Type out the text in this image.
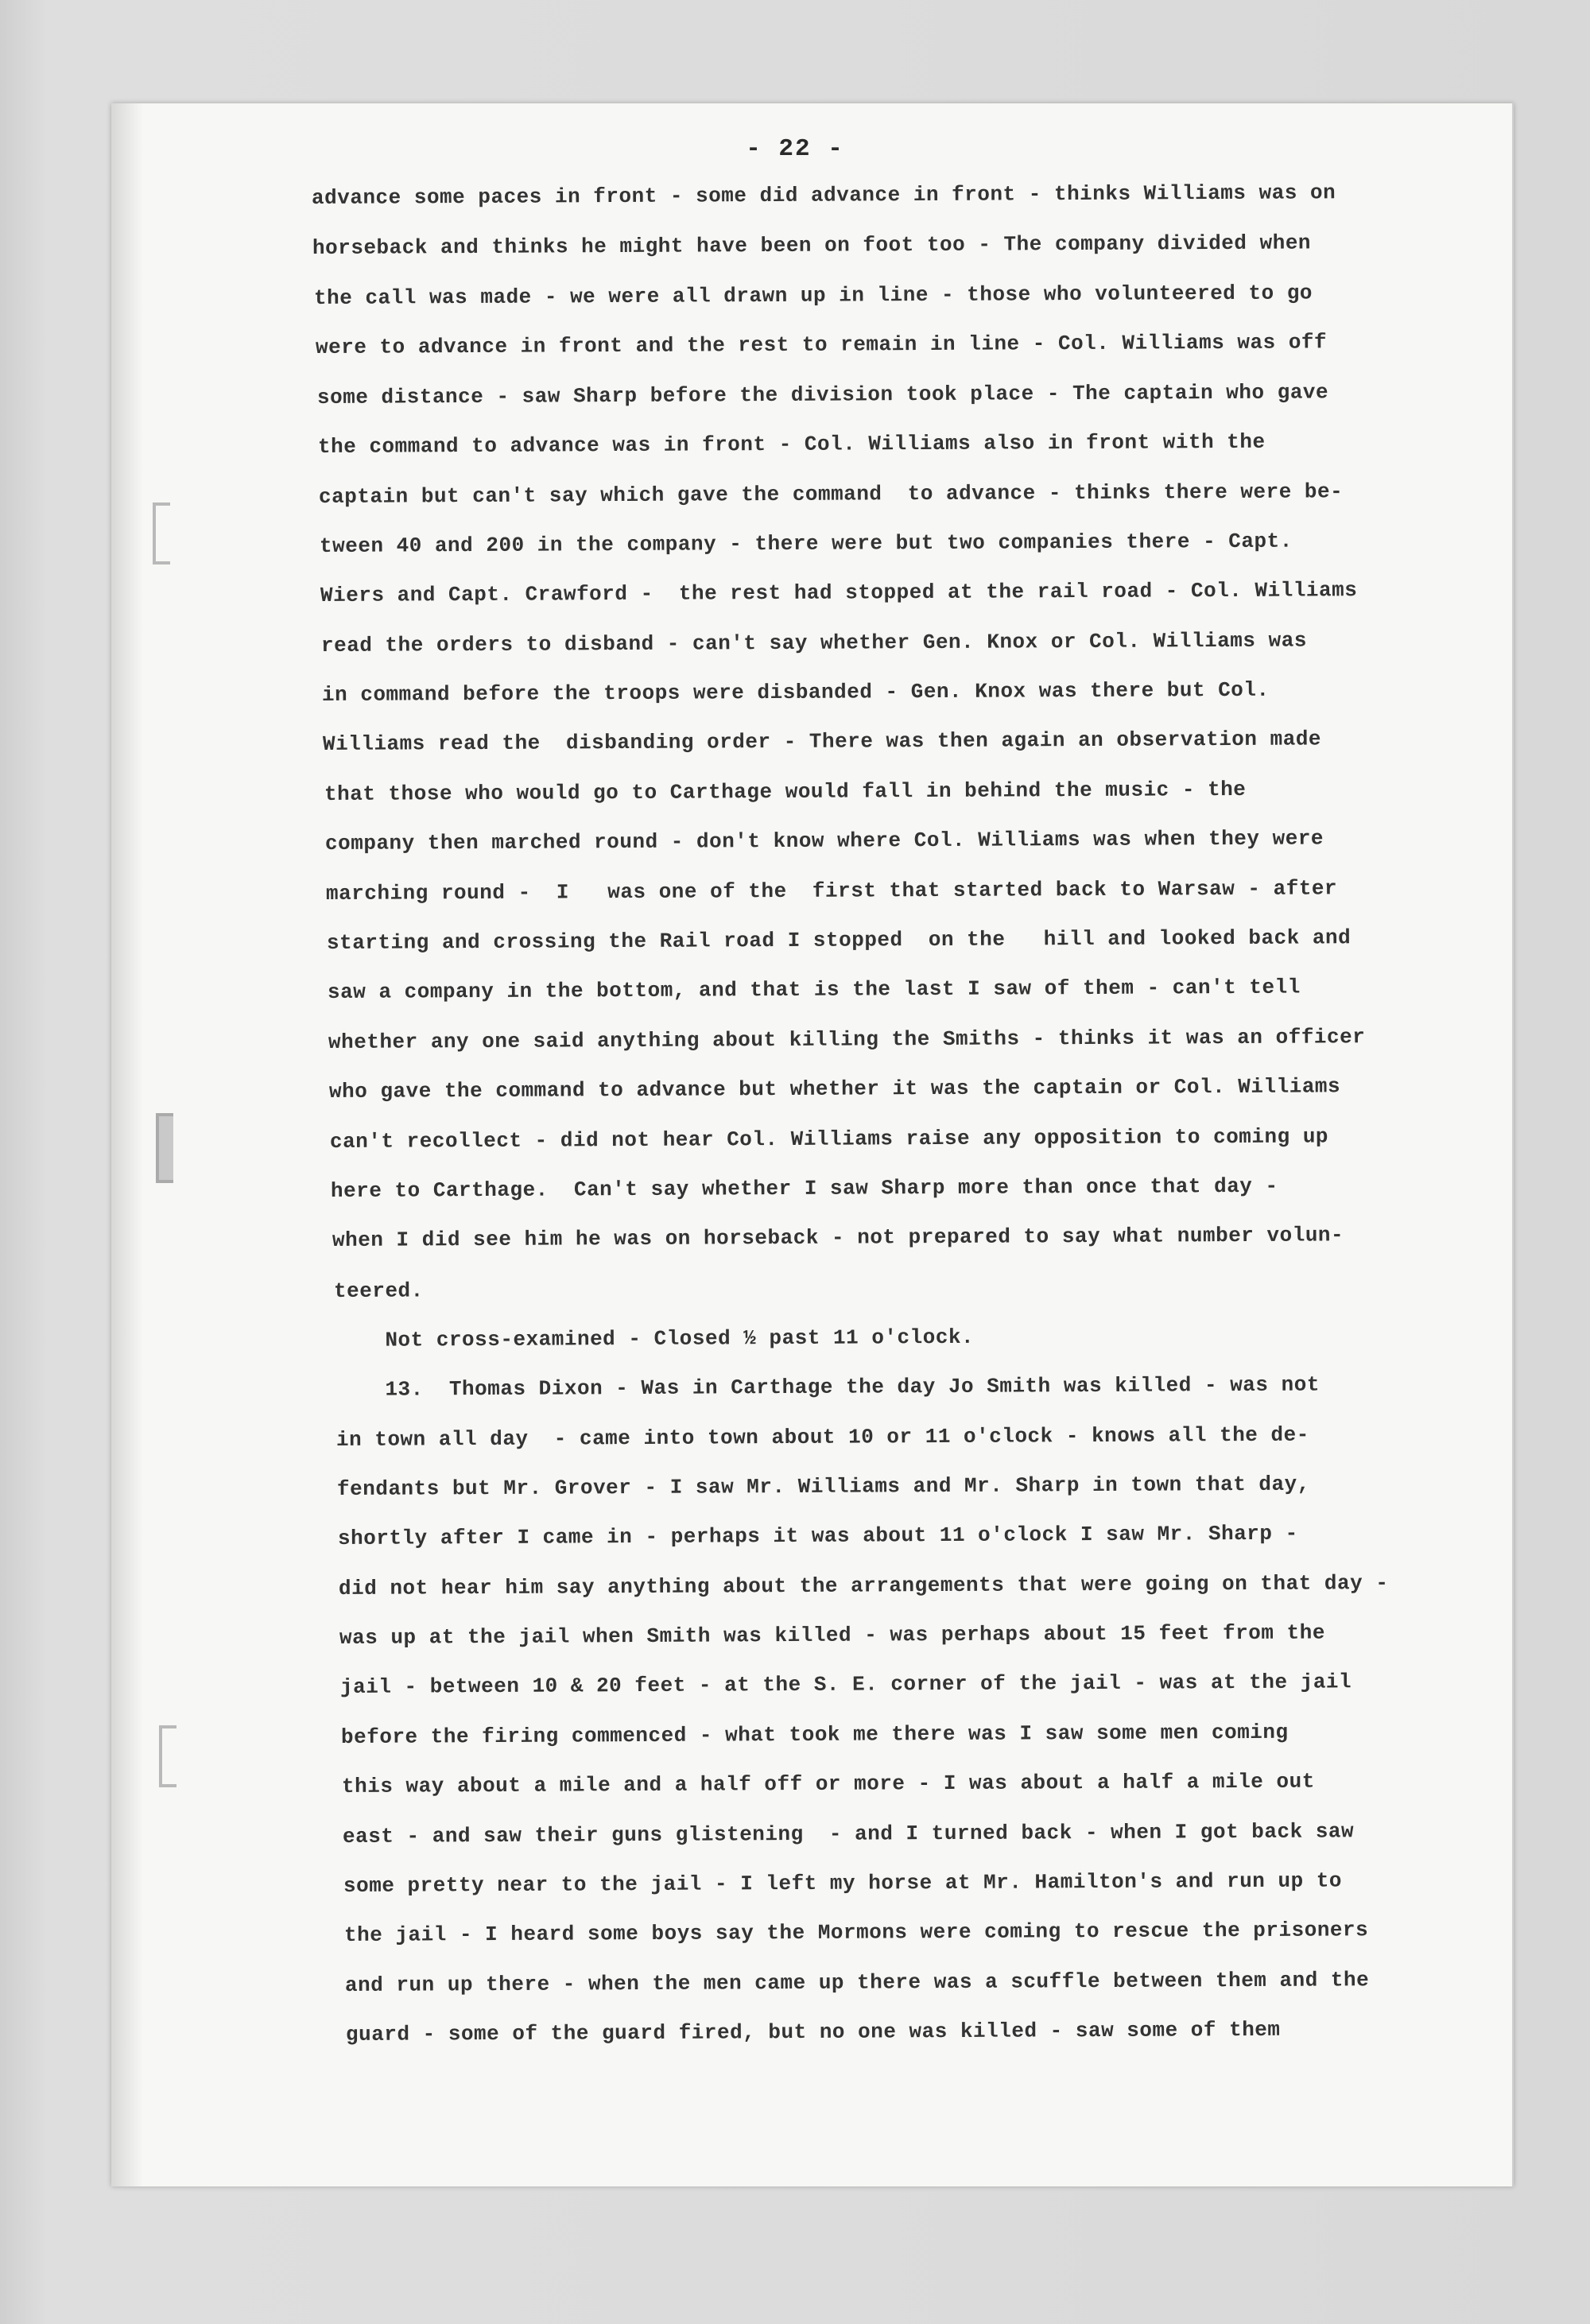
- 22 -
advance some paces in front - some did advance in front - thinks Williams was on
horseback and thinks he might have been on foot too - The company divided when
the call was made - we were all drawn up in line - those who volunteered to go
were to advance in front and the rest to remain in line - Col. Williams was off
some distance - saw Sharp before the division took place - The captain who gave
the command to advance was in front - Col. Williams also in front with the
captain but can't say which gave the command  to advance - thinks there were be-
tween 40 and 200 in the company - there were but two companies there - Capt.
Wiers and Capt. Crawford -  the rest had stopped at the rail road - Col. Williams
read the orders to disband - can't say whether Gen. Knox or Col. Williams was
in command before the troops were disbanded - Gen. Knox was there but Col.
Williams read the  disbanding order - There was then again an observation made
that those who would go to Carthage would fall in behind the music - the
company then marched round - don't know where Col. Williams was when they were
marching round -  I   was one of the  first that started back to Warsaw - after
starting and crossing the Rail road I stopped  on the   hill and looked back and
saw a company in the bottom, and that is the last I saw of them - can't tell
whether any one said anything about killing the Smiths - thinks it was an officer
who gave the command to advance but whether it was the captain or Col. Williams
can't recollect - did not hear Col. Williams raise any opposition to coming up
here to Carthage.  Can't say whether I saw Sharp more than once that day -
when I did see him he was on horseback - not prepared to say what number volun-
teered.
Not cross-examined - Closed ½ past 11 o'clock.
13.  Thomas Dixon - Was in Carthage the day Jo Smith was killed - was not
in town all day  - came into town about 10 or 11 o'clock - knows all the de-
fendants but Mr. Grover - I saw Mr. Williams and Mr. Sharp in town that day,
shortly after I came in - perhaps it was about 11 o'clock I saw Mr. Sharp -
did not hear him say anything about the arrangements that were going on that day -
was up at the jail when Smith was killed - was perhaps about 15 feet from the
jail - between 10 & 20 feet - at the S. E. corner of the jail - was at the jail
before the firing commenced - what took me there was I saw some men coming
this way about a mile and a half off or more - I was about a half a mile out
east - and saw their guns glistening  - and I turned back - when I got back saw
some pretty near to the jail - I left my horse at Mr. Hamilton's and run up to
the jail - I heard some boys say the Mormons were coming to rescue the prisoners
and run up there - when the men came up there was a scuffle between them and the
guard - some of the guard fired, but no one was killed - saw some of them
